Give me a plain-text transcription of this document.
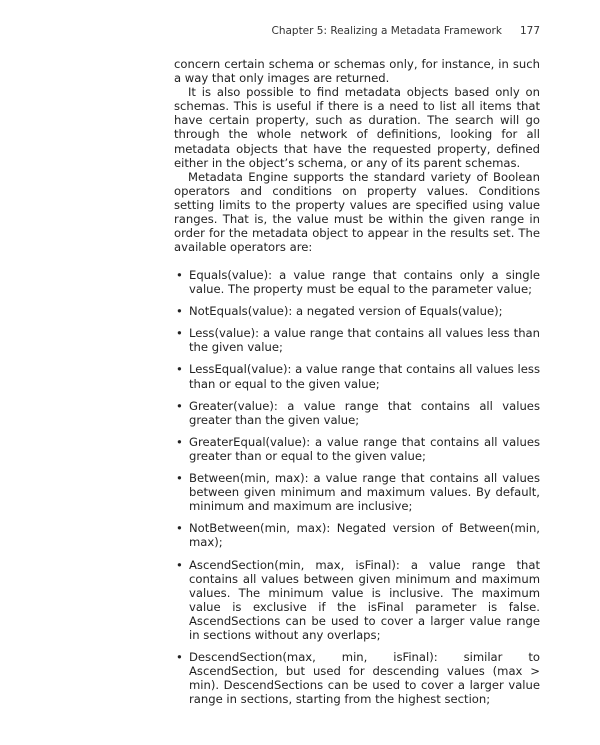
Chapter 5: Realizing a Metadata Framework 177

concern certain schema or schemas only, for instance, in such a way that only images are returned.

It is also possible to find metadata objects based only on schemas. This is useful if there is a need to list all items that have certain property, such as duration. The search will go through the whole network of definitions, looking for all metadata objects that have the requested property, defined either in the object’s schema, or any of its parent schemas.

Metadata Engine supports the standard variety of Boolean operators and conditions on property values. Conditions setting limits to the property values are specified using value ranges. That is, the value must be within the given range in order for the metadata object to appear in the results set. The available operators are:

• Equals(value): a value range that contains only a single value. The property must be equal to the parameter value;
• NotEquals(value): a negated version of Equals(value);
• Less(value): a value range that contains all values less than the given value;
• LessEqual(value): a value range that contains all values less than or equal to the given value;
• Greater(value): a value range that contains all values greater than the given value;
• GreaterEqual(value): a value range that contains all values greater than or equal to the given value;
• Between(min, max): a value range that contains all values between given minimum and maximum values. By default, minimum and maximum are inclusive;
• NotBetween(min, max): Negated version of Between(min, max);
• AscendSection(min, max, isFinal): a value range that contains all values between given minimum and maximum values. The minimum value is inclusive. The maximum value is exclusive if the isFinal parameter is false. AscendSections can be used to cover a larger value range in sections without any overlaps;
• DescendSection(max, min, isFinal): similar to AscendSection, but used for descending values (max > min). DescendSections can be used to cover a larger value range in sections, starting from the highest section;
